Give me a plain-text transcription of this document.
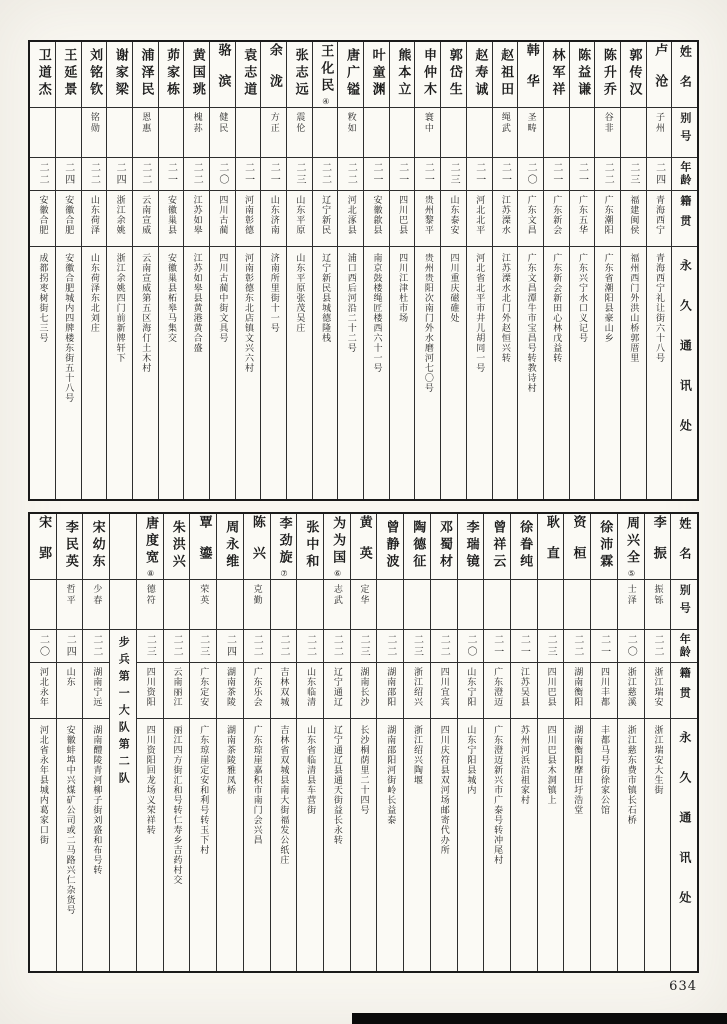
姓名
别号
年龄
籍贯
永久通讯处
卢沧
子州
二四
青海西宁
青海西宁礼让街六十八号
郭传汉
二三
福建闽侯
福州西门外洪山桥郭厝里
陈升乔
谷非
二二
广东潮阳
广东省潮阳县豪山乡
陈益谦
二一
广东五华
广东兴宁水口义记号
林军祥
二一
广东新会
广东新会新田心林戊益转
韩华
圣畴
二〇
广东文昌
广东文昌潭牛市宝昌号转教诗村
赵祖田
绳武
二一
江苏溧水
江苏溧水北门外赵恒兴转
赵寿诚
二一
河北北平
河北省北平市井儿胡同一号
郭岱生
二三
山东泰安
四川重庆磁碓处
申仲木
寰中
二一
贵州黎平
贵州贵阳次南门外水磨河七〇号
熊本立
二一
四川巴县
四川江津杜市场
叶童渊
二一
安徽歙县
南京鼓楼绳匠楼西六十一号
唐广镒
敉如
二二
河北涿县
浦口西后河沿二十二号
王化民④
二二
辽宁新民
辽宁新民县城德隆栈
张志远
震伦
二三
山东平原
山东平原张茂吴庄
余泷
方正
二一
山东济南
济南所里街十一号
袁志道
二一
河南彰德
河南彰德东北店镇文兴六村
骆滨
健民
二〇
四川古蔺
四川古蔺中街文具号
黄国珧
槐荪
二二
江苏如皋
江苏如皋县黄港黄合盛
茆家栋
二一
安徽巢县
安徽巢县柘皋马集交
浦泽民
恩惠
二二
云南宣威
云南宣威第五区海仃土木村
谢家梁
二四
浙江余姚
浙江余姚四门前新牌轩下
刘铭钦
铭勋
二二
山东荷泽
山东荷泽东北刘庄
王延景
二四
安徽合肥
安徽合肥城内四牌楼东街五十八号
卫道杰
二二
安徽合肥
成都拐枣树街七三号
姓名
别号
年龄
籍贯
永久通讯处
李振
振铄
二二
浙江瑞安
浙江瑞安大生街
周兴全⑤
士泽
二〇
浙江慈溪
浙江慈东费市镇长石桥
徐沛霖
二一
四川丰都
丰都马号街徐家公馆
资桓
二二
湖南衡阳
湖南衡阳摩田圩浩堂
耿直
二三
四川巴县
四川巴县木洞镇上
徐眷纯
二一
江苏吴县
苏州河浜沿祖家村
曾祥云
二一
广东澄迈
广东澄迈新兴市广泰号转冲尾村
李瑞镜
二〇
山东宁阳
山东宁阳县城内
邓蜀材
二二
四川宜宾
四川庆符县双河场邮寄代办所
陶德征
二三
浙江绍兴
浙江绍兴陶堰
曾静波
二二
湖南邵阳
湖南邵阳河街岭长益泰
黄英
定华
二三
湖南长沙
长沙桐荫里二十四号
为为国⑥
志武
二二
辽宁通辽
辽宁通辽县通天街益长永转
张中和
二二
山东临清
山东省临清县车营街
李劲旋⑦
二二
吉林双城
吉林省双城县南大街福发公纸庄
陈兴
克勤
二二
广东乐会
广东琼崖嘉积市南门会兴昌
周永维
二四
湖南茶陵
湖南茶陵雅凤桥
覃鎏
荣英
二三
广东定安
广东琼崖定安和利号转玉下村
朱洪兴
二二
云南丽江
丽江四方街汇和号转仁寿乡吉药村交
唐度宽⑧
德符
二三
四川资阳
四川资阳回龙场义荣祥转
步兵第一大队第二队
宋幼东
少春
二二
湖南宁远
湖南醴陵青河柳子街刘盛和布号转
李民英
哲平
二四
山东
安徽蚌埠中兴煤矿公司或二马路兴仁杂货号
宋郢
二〇
河北永年
河北省永年县城内葛家口街
634
